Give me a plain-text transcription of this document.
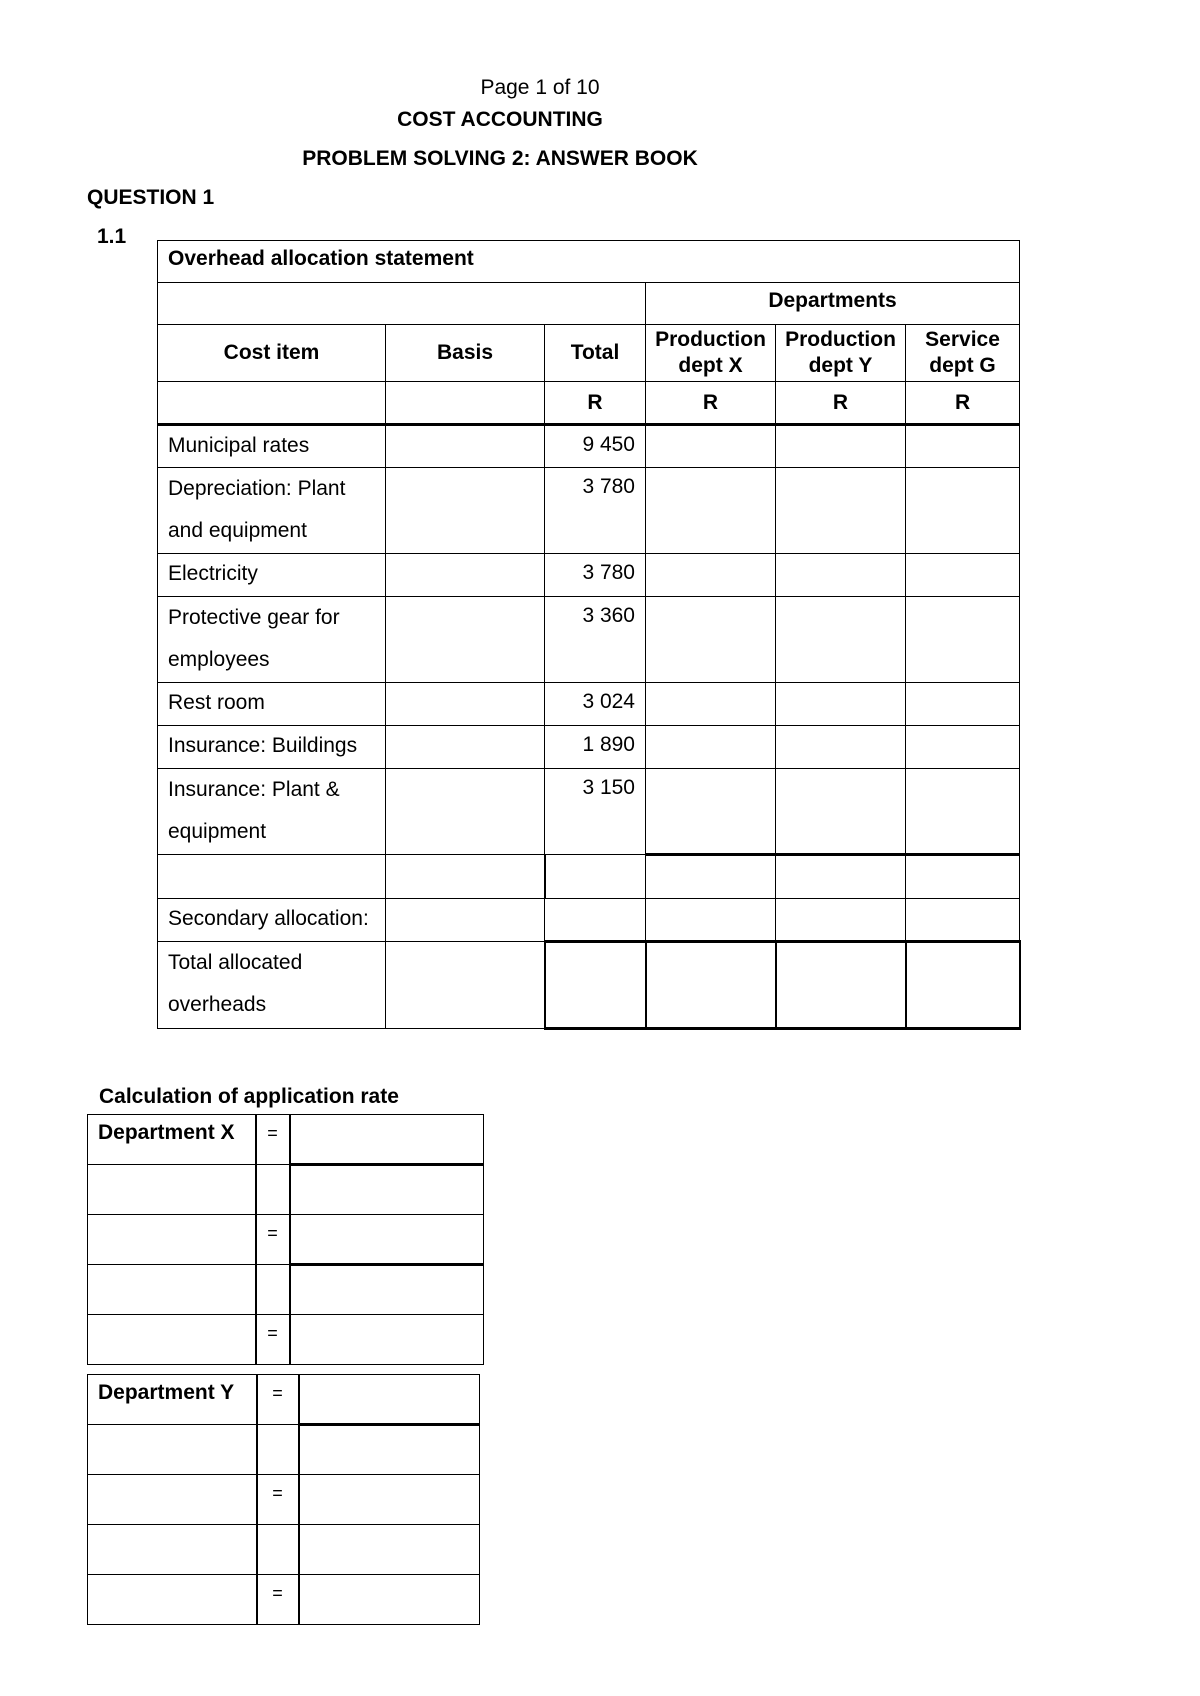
Page 1 of 10
COST ACCOUNTING
PROBLEM SOLVING 2: ANSWER BOOK
QUESTION 1
1.1
Overhead allocation statement					
			Departments		
Cost item	Basis	Total	Production dept X	Production dept Y	Service dept G
		R	R	R	R
Municipal rates		9 450			
Depreciation: Plant and equipment		3 780			
Electricity		3 780			
Protective gear for employees		3 360			
Rest room		3 024			
Insurance: Buildings		1 890			
Insurance: Plant & equipment		3 150			

Secondary allocation:					
Total allocated overheads					
Calculation of application rate
Department X	=	

	=	

	=	
Department Y	=	

	=	

	=	
